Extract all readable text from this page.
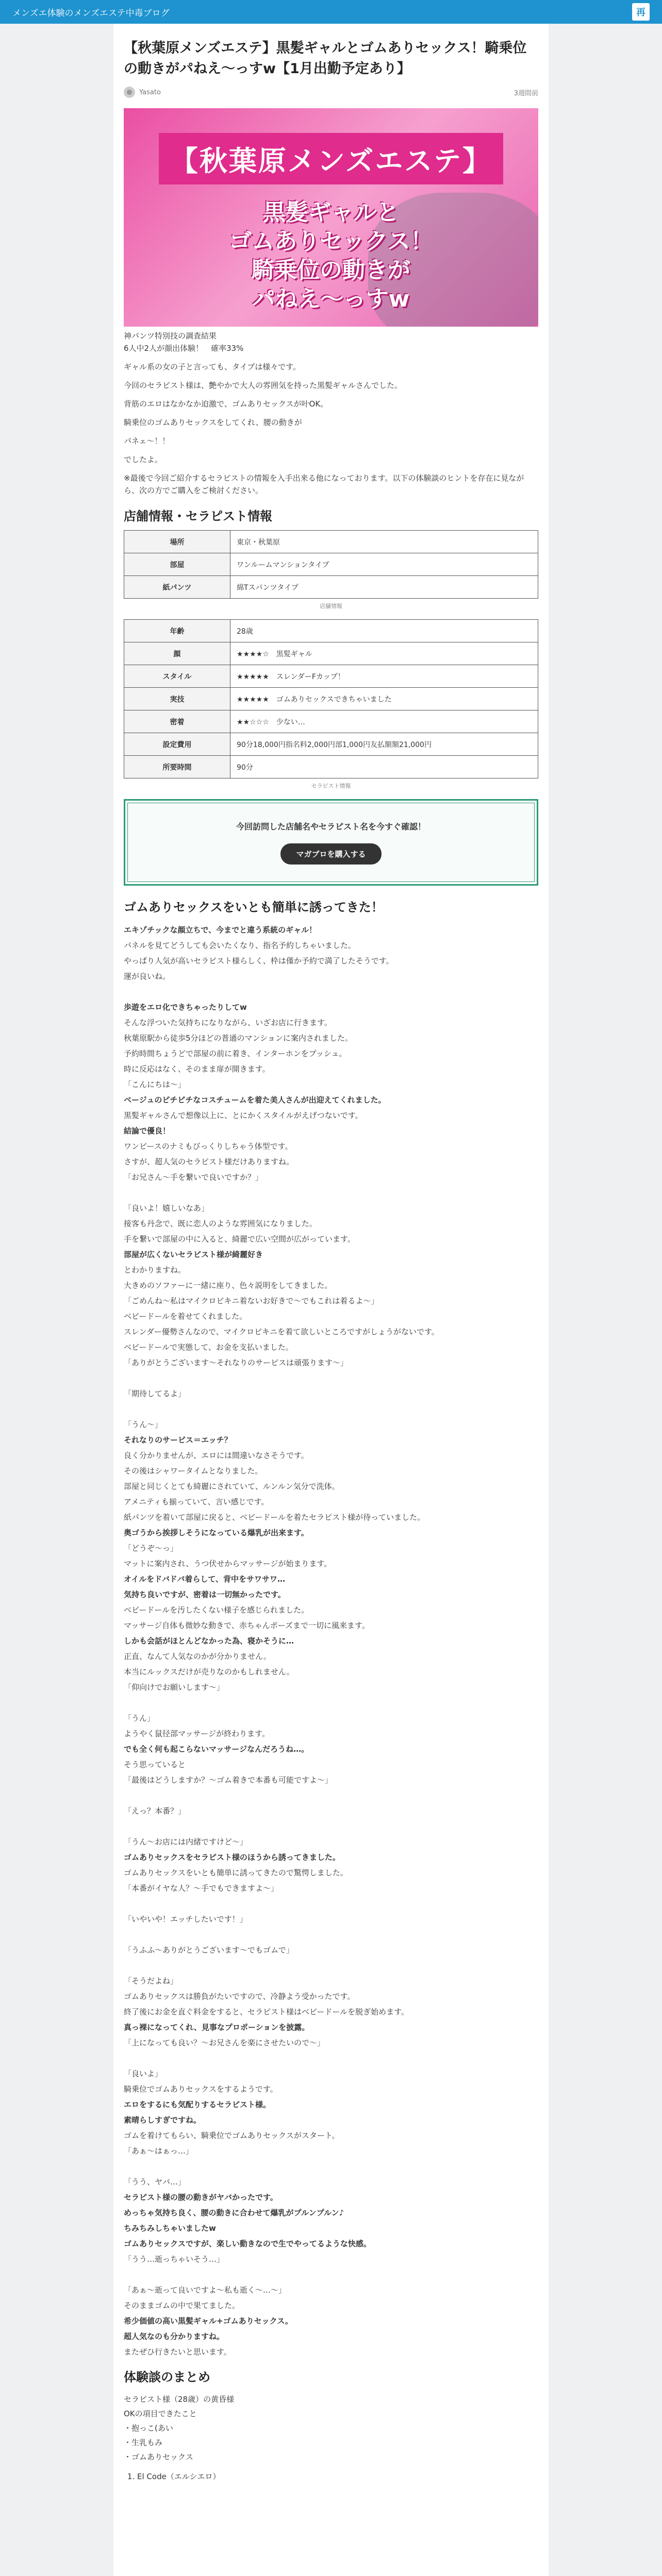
メンズエ体験のメンズエステ中毒ブログ	再
【秋葉原メンズエステ】黒髪ギャルとゴムありセックス！騎乗位の動きがパねえ〜っすw【1月出勤予定あり】
Yasato	3週間前
【秋葉原メンズエステ】
黒髪ギャルと
ゴムありセックス！
騎乗位の動きが
パねえ〜っすw

神パンツ特別技の調査結果

6人中2人が顔出体験！　確率33%

ギャル系の女の子と言っても、タイプは様々です。

今回のセラピスト様は、艶やかで大人の雰囲気を持った黒髪ギャルさんでした。

背筋のエロはなかなか迫激で、ゴムありセックスが叶OK。

騎乗位のゴムありセックスをしてくれ、腰の動きが

パネェ〜！！

でしたよ。

※最後で今回ご紹介するセラピストの情報を入手出来る他になっております。以下の体験談のヒントを存在に見ながら、次の方でご購入をご検討ください。

店舗情報・セラピスト情報
場所	東京・秋葉原
部屋	ワンルームマンションタイプ
紙パンツ	綿Tスパンツタイプ
店舗情報
年齢	28歳
顔	★★★★☆　黒髪ギャル
スタイル	★★★★★　スレンダーFカップ！
実技	★★★★★　ゴムありセックスできちゃいました
密着	★★☆☆☆　少ない…
設定費用	90分18,000円指名料2,000円部1,000円友払額額21,000円
所要時間	90分
セラピスト情報
今回訪問した店舗名やセラピスト名を今すぐ確認！
マガブロを購入する
ゴムありセックスをいとも簡単に誘ってきた！

エキゾチックな顔立ちで、今までと違う系統のギャル！

パネルを見てどうしても会いたくなり、指名予約しちゃいました。

やっぱり人気が高いセラピスト様らしく、枠は僅か予約で満了したそうです。

運が良いね。

歩遊をエロ化できちゃったりしてw

そんな浮ついた気持ちになりながら、いざお店に行きます。

秋葉原駅から徒歩5分ほどの普通のマンションに案内されました。

予約時間ちょうどで部屋の前に着き、インターホンをプッシュ。

時に反応はなく、そのまま扉が開きます。

「こんにちは〜」

ベージュのピチピチなコスチュームを着た美人さんが出迎えてくれました。

黒髪ギャルさんで想像以上に、とにかくスタイルがえげつないです。

結論で優良！

ワンピースのナミもびっくりしちゃう体型です。

さすが、超人気のセラピスト様だけありますね。

「お兄さん〜手を繋いで良いですか？」

「良いよ！嬉しいなあ」

接客も丹念で、既に恋人のような雰囲気になりました。

手を繋いで部屋の中に入ると、綺麗で広い空間が広がっています。

部屋が広くないセラピスト様が綺麗好き

とわかりますね。

大きめのソファーに一緒に座り、色々説明をしてきました。

「ごめんね〜私はマイクロビキニ着ないお好きで〜でもこれは着るよ〜」

ベビードールを着せてくれました。

スレンダー優勢さんなので、マイクロビキニを着て欲しいところですがしょうがないです。

ベビードールで実態して、お金を支払いました。

「ありがとうございます〜それなりのサービスは頑張ります〜」

「期待してるよ」

「うん〜」

それなりのサービス＝エッチ？

良く分かりませんが、エロには間違いなさそうです。

その後はシャワータイムとなりました。

部屋と同じくとても綺麗にされていて、ルンルン気分で洗体。

アメニティも揃っていて、言い感じです。

紙パンツを着いて部屋に戻ると、ベビードールを着たセラピスト様が待っていました。

奥ゴうから挨拶しそうになっている爆乳が出来ます。

「どうぞ〜っ」

マットに案内され、うつ伏せからマッサージが始まります。

オイルをドバドバ着らして、背中をサワサワ…

気持ち良いですが、密着は一切無かったです。

ベビードールを汚したくない様子を感じられました。

マッサージ自体も微妙な動きで、赤ちゃんポーズまで一切に風来ます。

しかも会話がほとんどなかった為、寝かそうに…

正直、なんて人気なのかが分かりません。

本当にルックスだけが売りなのかもしれません。

「仰向けでお願いします〜」

「うん」

ようやく鼠径部マッサージが終わります。

でも全く何も起こらないマッサージなんだろうね…。

そう思っていると

「最後はどうしますか？〜ゴム着きで本番も可能ですよ〜」

「えっ？本番？」

「うん〜お店には内緒ですけど〜」

ゴムありセックスをセラピスト様のほうから誘ってきました。

ゴムありセックスをいとも簡単に誘ってきたので驚愕しました。

「本番がイヤな人？〜手でもできますよ〜」

「いやいや！エッチしたいです！」

「うふふ〜ありがとうございます〜でもゴムで」

「そうだよね」

ゴムありセックスは勝負がたいですので、冷静よう受かったです。

終了後にお金を直ぐ料金をすると、セラピスト様はベビードールを脱ぎ始めます。

真っ裸になってくれ、見事なプロポーションを披露。

「上になっても良い？〜お兄さんを楽にさせたいので〜」

「良いよ」

騎乗位でゴムありセックスをするようです。

エロをするにも気配りするセラピスト様。

素晴らしすぎですね。

ゴムを着けてもらい、騎乗位でゴムありセックスがスタート。

「あぁ〜はぁっ…」

「うう、ヤバ…」

セラピスト様の腰の動きがヤバかったです。

めっちゃ気持ち良く、腰の動きに合わせて爆乳がプルンプルン♪

ちみちみしちゃいましたw

ゴムありセックスですが、楽しい動きなので生でやってるような快感。

「うう…逝っちゃいそう…」

「あぁ〜逝って良いですよ〜私も逝く〜…〜」

そのままゴムの中で果てました。

希少価値の高い黒髪ギャル+ゴムありセックス。

超人気なのも分かりますね。

またぜひ行きたいと思います。

体験談のまとめ

セラピスト様（28歳）の黄昏様

OKの項目できたこと

・抱っこ(あい

・生乳もみ

・ゴムありセックス

1. El Code（エルシエロ）
